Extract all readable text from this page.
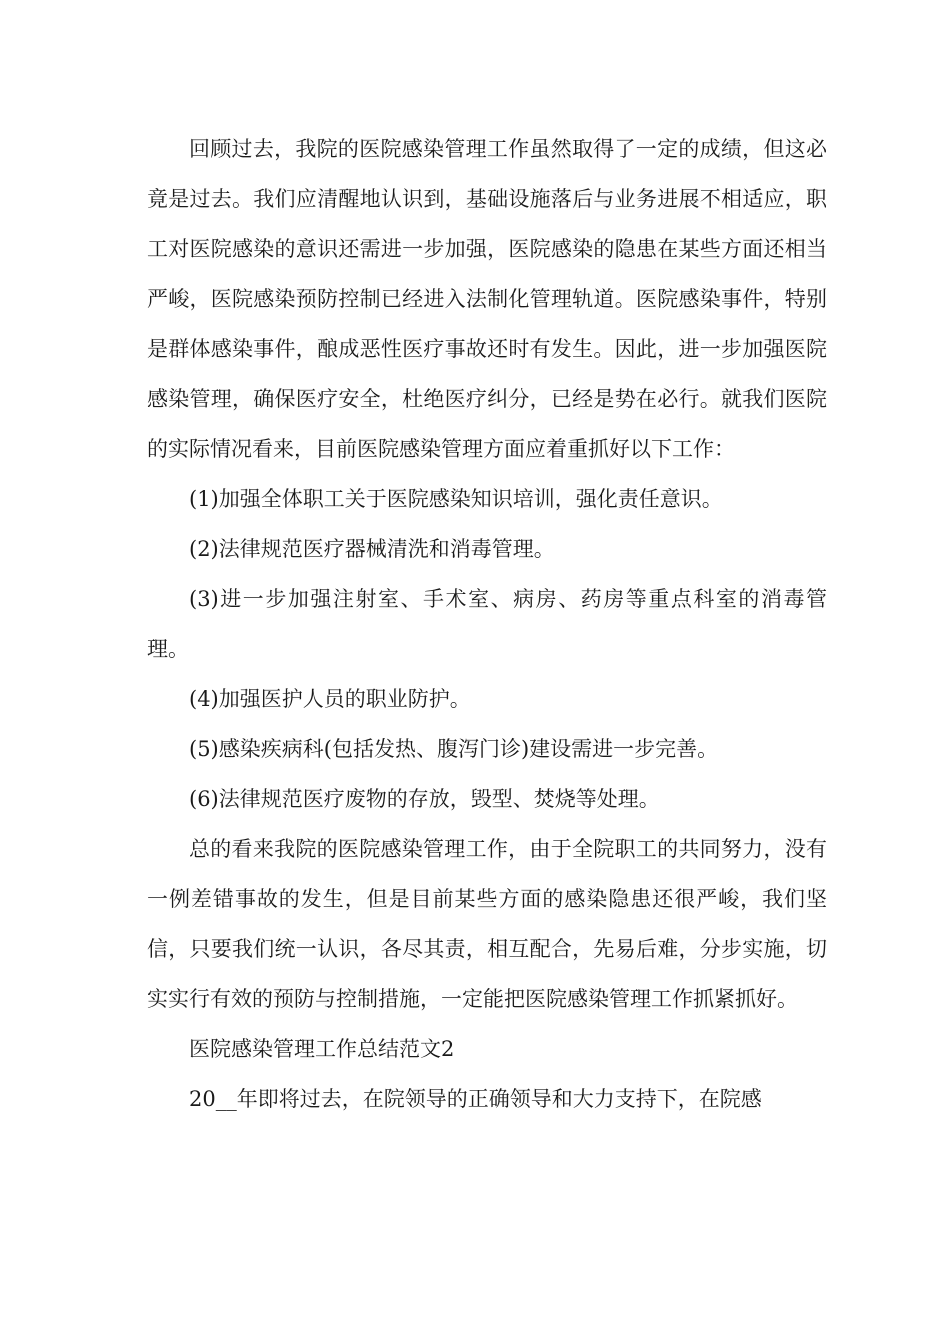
回顾过去，我院的医院感染管理工作虽然取得了一定的成绩，但这必竟是过去。我们应清醒地认识到，基础设施落后与业务进展不相适应，职工对医院感染的意识还需进一步加强，医院感染的隐患在某些方面还相当严峻，医院感染预防控制已经进入法制化管理轨道。医院感染事件，特别是群体感染事件，酿成恶性医疗事故还时有发生。因此，进一步加强医院感染管理，确保医疗安全，杜绝医疗纠分，已经是势在必行。就我们医院的实际情况看来，目前医院感染管理方面应着重抓好以下工作：

(1)加强全体职工关于医院感染知识培训，强化责任意识。

(2)法律规范医疗器械清洗和消毒管理。

(3)进一步加强注射室、手术室、病房、药房等重点科室的消毒管理。

(4)加强医护人员的职业防护。

(5)感染疾病科(包括发热、腹泻门诊)建设需进一步完善。

(6)法律规范医疗废物的存放，毁型、焚烧等处理。

总的看来我院的医院感染管理工作，由于全院职工的共同努力，没有一例差错事故的发生，但是目前某些方面的感染隐患还很严峻，我们坚信，只要我们统一认识，各尽其责，相互配合，先易后难，分步实施，切实实行有效的预防与控制措施，一定能把医院感染管理工作抓紧抓好。

医院感染管理工作总结范文2

20__年即将过去，在院领导的正确领导和大力支持下，在院感
